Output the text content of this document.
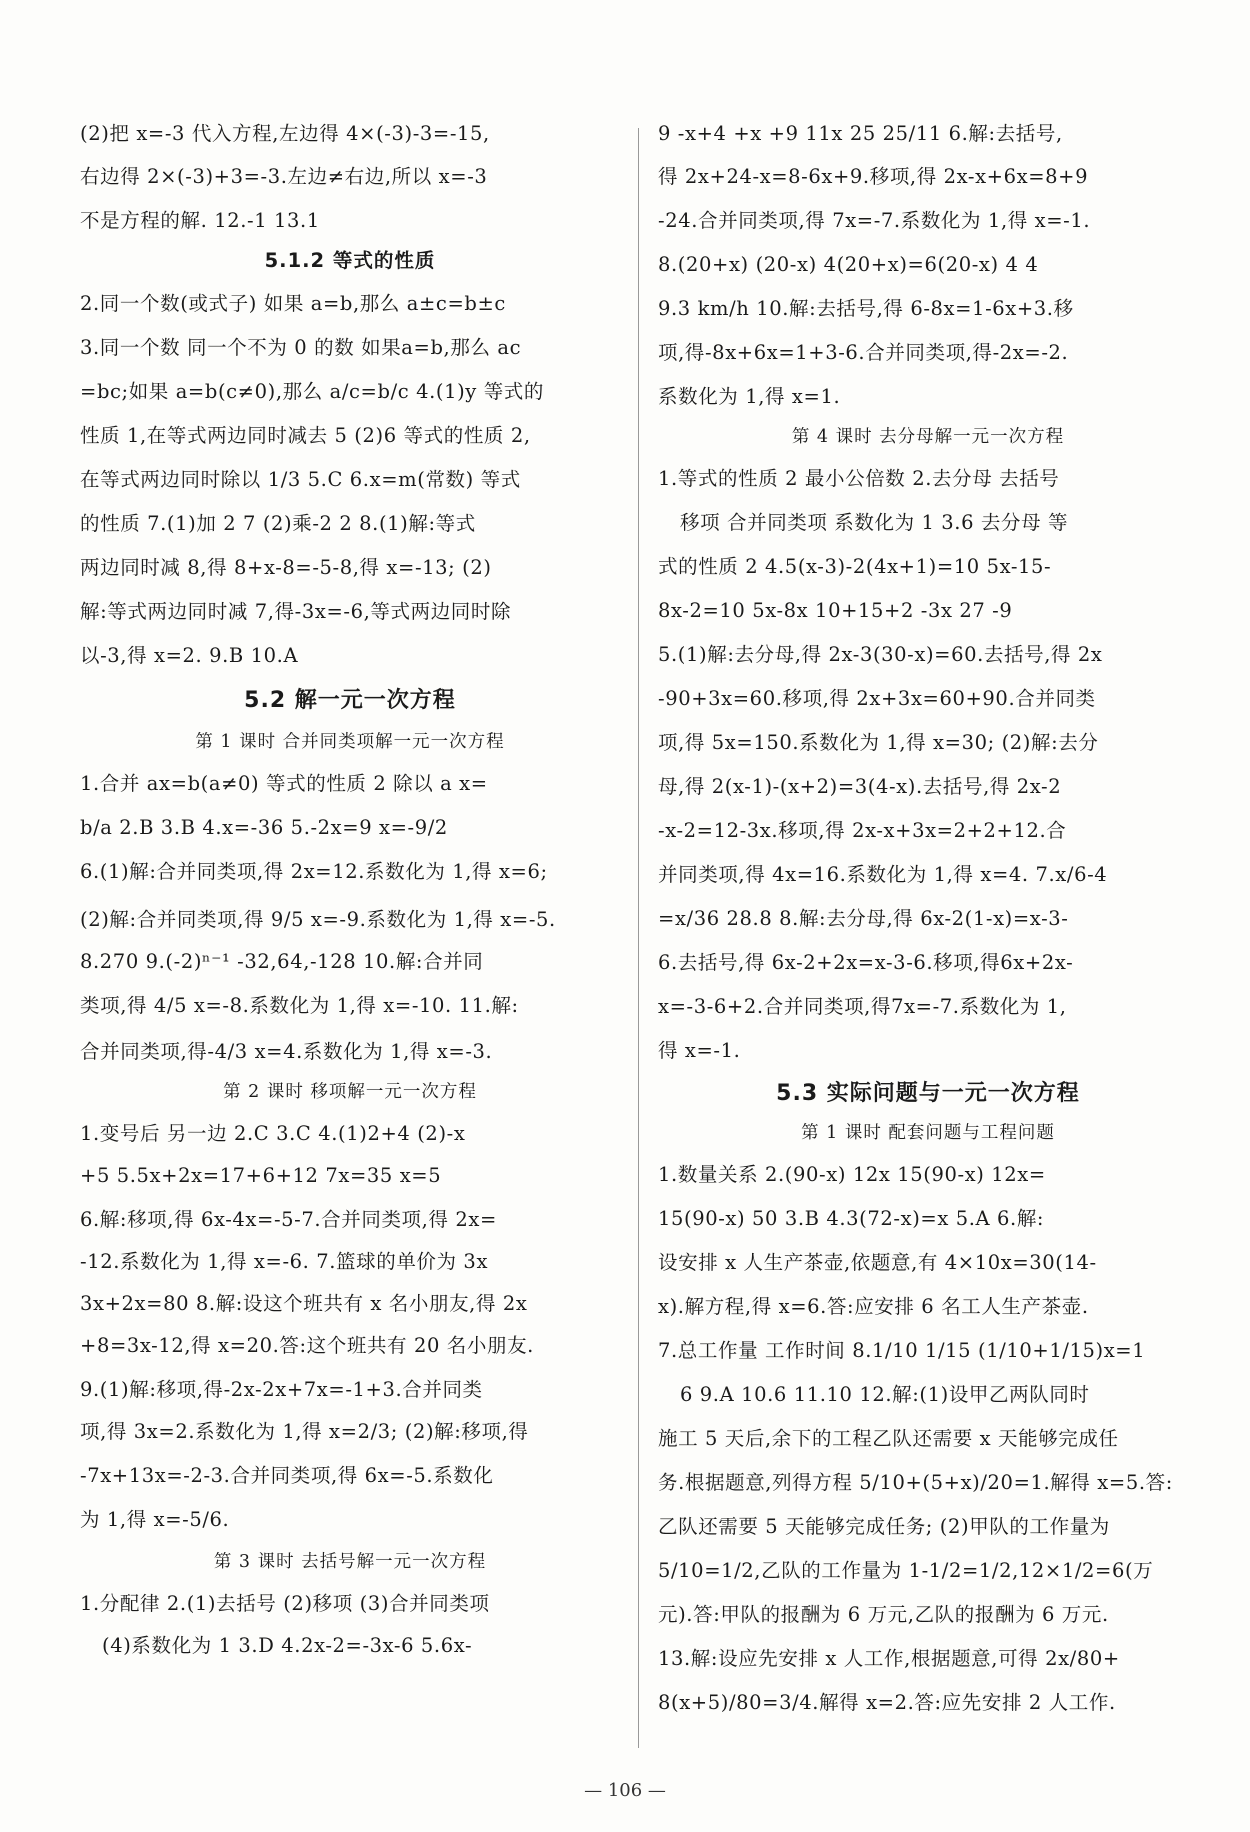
(2)把 x=-3 代入方程,左边得 4×(-3)-3=-15,
右边得 2×(-3)+3=-3.左边≠右边,所以 x=-3
不是方程的解. 12.-1 13.1
5.1.2 等式的性质
2.同一个数(或式子) 如果 a=b,那么 a±c=b±c
3.同一个数 同一个不为 0 的数 如果a=b,那么 ac
=bc;如果 a=b(c≠0),那么 a/c=b/c 4.(1)y 等式的
性质 1,在等式两边同时减去 5 (2)6 等式的性质 2,
在等式两边同时除以 1/3 5.C 6.x=m(常数) 等式
的性质 7.(1)加 2 7 (2)乘-2 2 8.(1)解:等式
两边同时减 8,得 8+x-8=-5-8,得 x=-13; (2)
解:等式两边同时减 7,得-3x=-6,等式两边同时除
以-3,得 x=2. 9.B 10.A
5.2 解一元一次方程
第 1 课时 合并同类项解一元一次方程
1.合并 ax=b(a≠0) 等式的性质 2 除以 a x=
b/a 2.B 3.B 4.x=-36 5.-2x=9 x=-9/2
6.(1)解:合并同类项,得 2x=12.系数化为 1,得 x=6;
(2)解:合并同类项,得 9/5 x=-9.系数化为 1,得 x=-5.
8.270 9.(-2)ⁿ⁻¹ -32,64,-128 10.解:合并同
类项,得 4/5 x=-8.系数化为 1,得 x=-10. 11.解:
合并同类项,得-4/3 x=4.系数化为 1,得 x=-3.
第 2 课时 移项解一元一次方程
1.变号后 另一边 2.C 3.C 4.(1)2+4 (2)-x
+5 5.5x+2x=17+6+12 7x=35 x=5
6.解:移项,得 6x-4x=-5-7.合并同类项,得 2x=
-12.系数化为 1,得 x=-6. 7.篮球的单价为 3x
3x+2x=80 8.解:设这个班共有 x 名小朋友,得 2x
+8=3x-12,得 x=20.答:这个班共有 20 名小朋友.
9.(1)解:移项,得-2x-2x+7x=-1+3.合并同类
项,得 3x=2.系数化为 1,得 x=2/3; (2)解:移项,得
-7x+13x=-2-3.合并同类项,得 6x=-5.系数化
为 1,得 x=-5/6.
第 3 课时 去括号解一元一次方程
1.分配律 2.(1)去括号 (2)移项 (3)合并同类项
(4)系数化为 1 3.D 4.2x-2=-3x-6 5.6x-
9 -x+4 +x +9 11x 25 25/11 6.解:去括号,
得 2x+24-x=8-6x+9.移项,得 2x-x+6x=8+9
-24.合并同类项,得 7x=-7.系数化为 1,得 x=-1.
8.(20+x) (20-x) 4(20+x)=6(20-x) 4 4
9.3 km/h 10.解:去括号,得 6-8x=1-6x+3.移
项,得-8x+6x=1+3-6.合并同类项,得-2x=-2.
系数化为 1,得 x=1.
第 4 课时 去分母解一元一次方程
1.等式的性质 2 最小公倍数 2.去分母 去括号
移项 合并同类项 系数化为 1 3.6 去分母 等
式的性质 2 4.5(x-3)-2(4x+1)=10 5x-15-
8x-2=10 5x-8x 10+15+2 -3x 27 -9
5.(1)解:去分母,得 2x-3(30-x)=60.去括号,得 2x
-90+3x=60.移项,得 2x+3x=60+90.合并同类
项,得 5x=150.系数化为 1,得 x=30; (2)解:去分
母,得 2(x-1)-(x+2)=3(4-x).去括号,得 2x-2
-x-2=12-3x.移项,得 2x-x+3x=2+2+12.合
并同类项,得 4x=16.系数化为 1,得 x=4. 7.x/6-4
=x/36 28.8 8.解:去分母,得 6x-2(1-x)=x-3-
6.去括号,得 6x-2+2x=x-3-6.移项,得6x+2x-
x=-3-6+2.合并同类项,得7x=-7.系数化为 1,
得 x=-1.
5.3 实际问题与一元一次方程
第 1 课时 配套问题与工程问题
1.数量关系 2.(90-x) 12x 15(90-x) 12x=
15(90-x) 50 3.B 4.3(72-x)=x 5.A 6.解:
设安排 x 人生产茶壶,依题意,有 4×10x=30(14-
x).解方程,得 x=6.答:应安排 6 名工人生产茶壶.
7.总工作量 工作时间 8.1/10 1/15 (1/10+1/15)x=1
6 9.A 10.6 11.10 12.解:(1)设甲乙两队同时
施工 5 天后,余下的工程乙队还需要 x 天能够完成任
务.根据题意,列得方程 5/10+(5+x)/20=1.解得 x=5.答:
乙队还需要 5 天能够完成任务; (2)甲队的工作量为
5/10=1/2,乙队的工作量为 1-1/2=1/2,12×1/2=6(万
元).答:甲队的报酬为 6 万元,乙队的报酬为 6 万元.
13.解:设应先安排 x 人工作,根据题意,可得 2x/80+
8(x+5)/80=3/4.解得 x=2.答:应先安排 2 人工作.
— 106 —
